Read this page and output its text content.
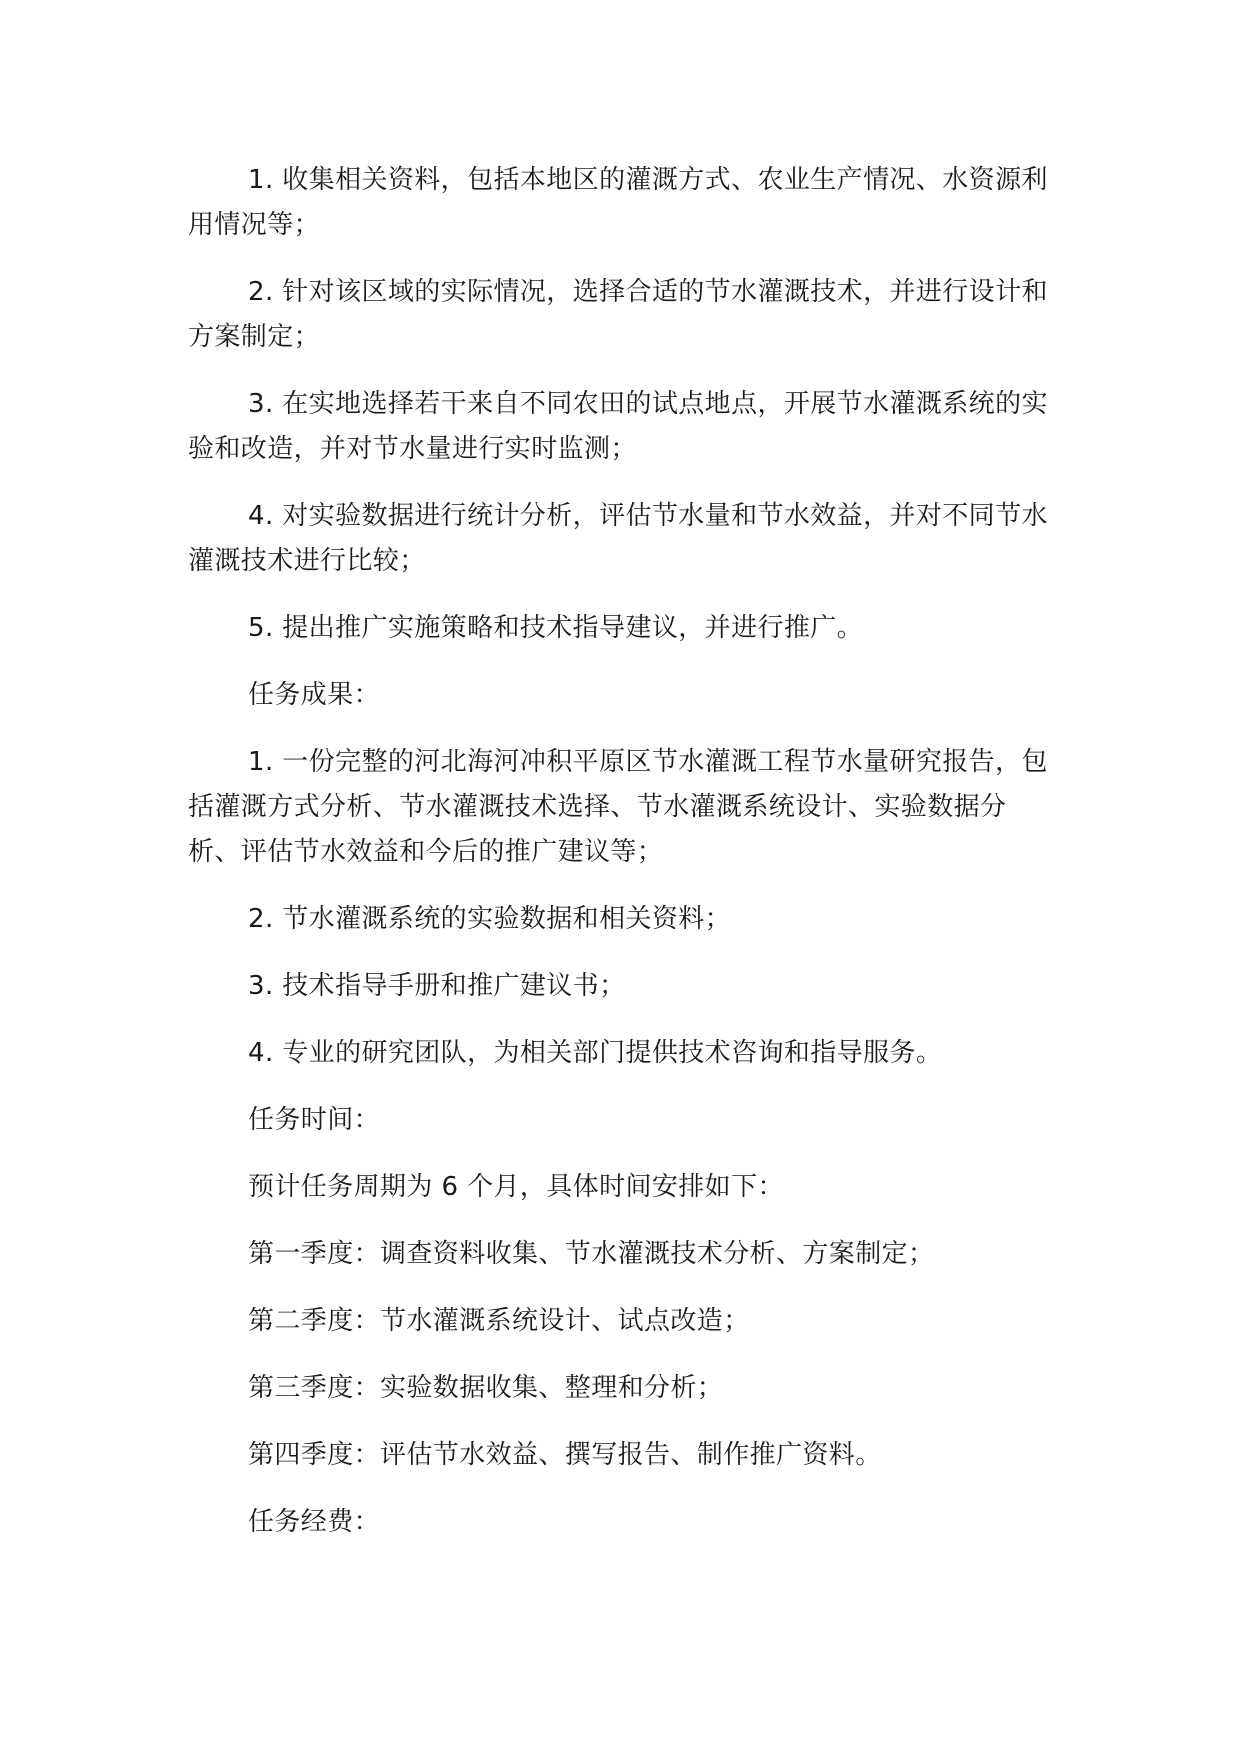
1. 收集相关资料，包括本地区的灌溉方式、农业生产情况、水资源利用情况等；

2. 针对该区域的实际情况，选择合适的节水灌溉技术，并进行设计和方案制定；

3. 在实地选择若干来自不同农田的试点地点，开展节水灌溉系统的实验和改造，并对节水量进行实时监测；

4. 对实验数据进行统计分析，评估节水量和节水效益，并对不同节水灌溉技术进行比较；

5. 提出推广实施策略和技术指导建议，并进行推广。

任务成果：

1. 一份完整的河北海河冲积平原区节水灌溉工程节水量研究报告，包括灌溉方式分析、节水灌溉技术选择、节水灌溉系统设计、实验数据分析、评估节水效益和今后的推广建议等；

2. 节水灌溉系统的实验数据和相关资料；

3. 技术指导手册和推广建议书；

4. 专业的研究团队，为相关部门提供技术咨询和指导服务。

任务时间：

预计任务周期为 6 个月，具体时间安排如下：

第一季度：调查资料收集、节水灌溉技术分析、方案制定；

第二季度：节水灌溉系统设计、试点改造；

第三季度：实验数据收集、整理和分析；

第四季度：评估节水效益、撰写报告、制作推广资料。

任务经费：
